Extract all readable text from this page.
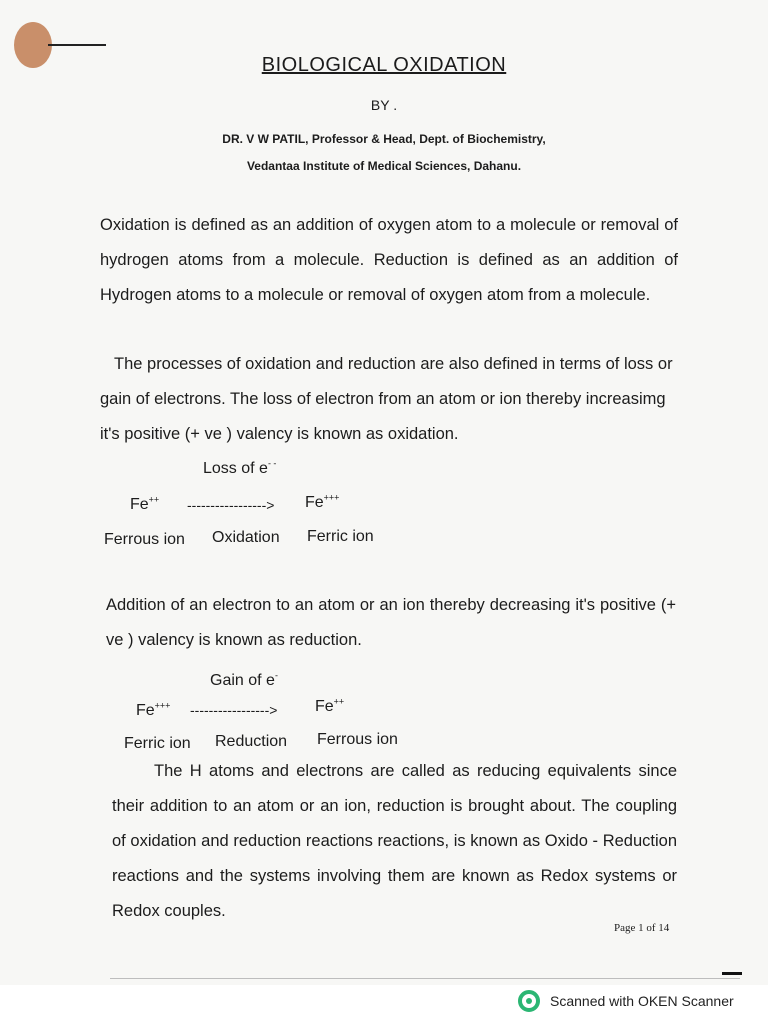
BIOLOGICAL OXIDATION
BY .
DR. V W PATIL, Professor & Head, Dept. of Biochemistry,
Vedantaa Institute of Medical Sciences, Dahanu.
Oxidation is defined as an addition of oxygen atom to a molecule or removal of hydrogen atoms from a molecule. Reduction is defined as an addition of Hydrogen atoms to a molecule or removal of oxygen atom from a molecule.
The processes of oxidation and reduction are also defined in terms of loss or gain of electrons. The loss of electron from an atom or ion thereby increasimg it's positive (+ ve ) valency is known as oxidation.
Loss of e- -
Fe++ -----------------> Fe+++
Ferrous ion Oxidation Ferric ion
Addition of an electron to an atom or an ion thereby decreasing it's positive (+ ve ) valency is known as reduction.
Gain of e-
Fe+++ -----------------> Fe++
Ferric ion Reduction Ferrous ion
The H atoms and electrons are called as reducing equivalents since their addition to an atom or an ion, reduction is brought about. The coupling of oxidation and reduction reactions reactions, is known as Oxido - Reduction reactions and the systems involving them are known as Redox systems or Redox couples.
Page 1 of 14
Scanned with OKEN Scanner
